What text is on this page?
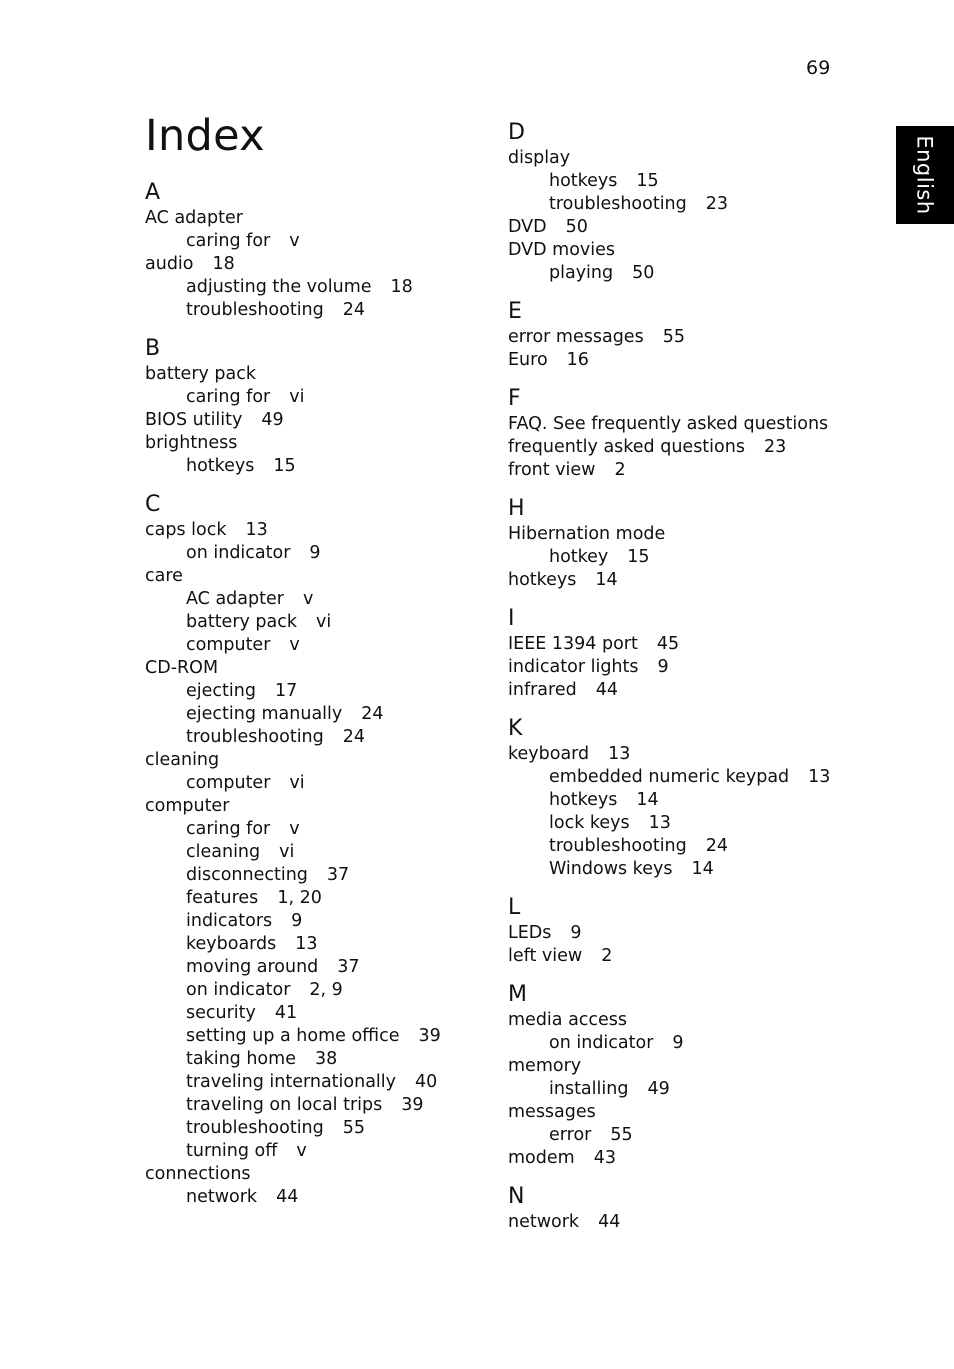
69
English
Index
A
AC adapter
caring for v
audio 18
adjusting the volume 18
troubleshooting 24
B
battery pack
caring for vi
BIOS utility 49
brightness
hotkeys 15
C
caps lock 13
on indicator 9
care
AC adapter v
battery pack vi
computer v
CD-ROM
ejecting 17
ejecting manually 24
troubleshooting 24
cleaning
computer vi
computer
caring for v
cleaning vi
disconnecting 37
features 1, 20
indicators 9
keyboards 13
moving around 37
on indicator 2, 9
security 41
setting up a home office 39
taking home 38
traveling internationally 40
traveling on local trips 39
troubleshooting 55
turning off v
connections
network 44
D
display
hotkeys 15
troubleshooting 23
DVD 50
DVD movies
playing 50
E
error messages 55
Euro 16
F
FAQ. See frequently asked questions
frequently asked questions 23
front view 2
H
Hibernation mode
hotkey 15
hotkeys 14
I
IEEE 1394 port 45
indicator lights 9
infrared 44
K
keyboard 13
embedded numeric keypad 13
hotkeys 14
lock keys 13
troubleshooting 24
Windows keys 14
L
LEDs 9
left view 2
M
media access
on indicator 9
memory
installing 49
messages
error 55
modem 43
N
network 44
